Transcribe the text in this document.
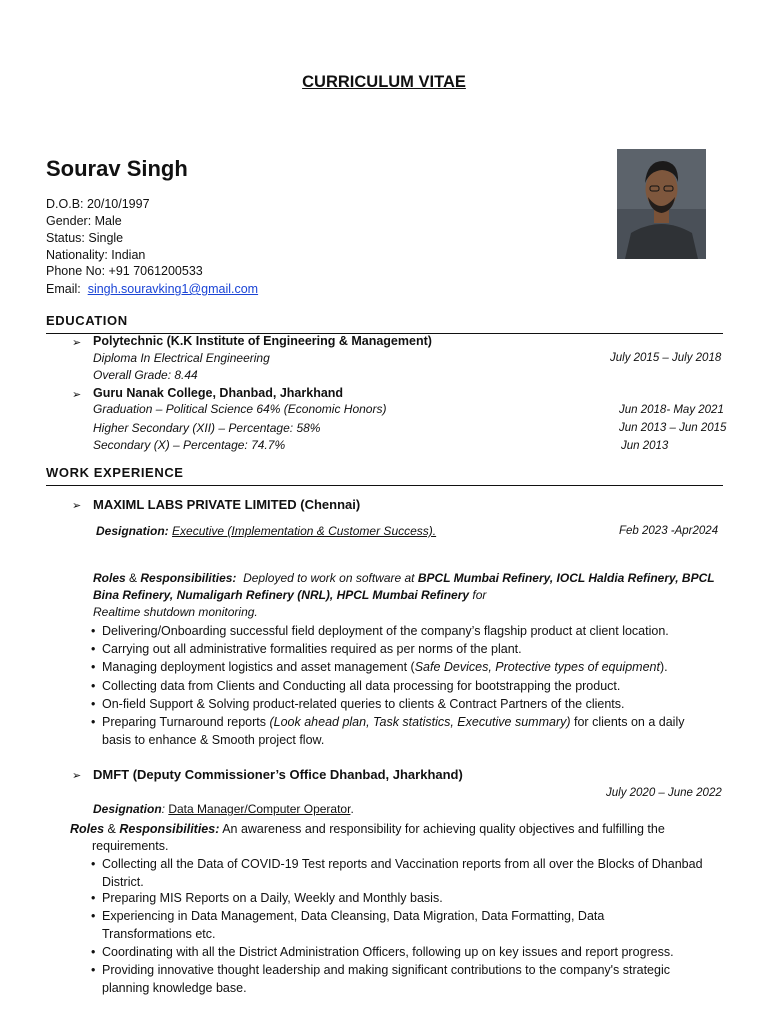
CURRICULUM VITAE
Sourav Singh
D.O.B: 20/10/1997
Gender: Male
Status: Single
Nationality: Indian
Phone No: +91 7061200533
Email: singh.souravking1@gmail.com
EDUCATION
➢ Polytechnic (K.K Institute of Engineering & Management)
Diploma In Electrical Engineering	July 2015 – July 2018
Overall Grade: 8.44
➢ Guru Nanak College, Dhanbad, Jharkhand
Graduation – Political Science 64% (Economic Honors)	Jun 2018- May 2021
Higher Secondary (XII) – Percentage: 58%	Jun 2013 – Jun 2015
Secondary (X) – Percentage: 74.7%	Jun 2013
WORK EXPERIENCE
➢ MAXIML LABS PRIVATE LIMITED (Chennai)
Designation: Executive (Implementation & Customer Success).	Feb 2023 -Apr2024
Roles & Responsibilities: Deployed to work on software at BPCL Mumbai Refinery, IOCL Haldia Refinery, BPCL Bina Refinery, Numaligarh Refinery (NRL), HPCL Mumbai Refinery for
Realtime shutdown monitoring.
• Delivering/Onboarding successful field deployment of the company’s flagship product at client location.
• Carrying out all administrative formalities required as per norms of the plant.
• Managing deployment logistics and asset management (Safe Devices, Protective types of equipment).
• Collecting data from Clients and Conducting all data processing for bootstrapping the product.
• On-field Support & Solving product-related queries to clients & Contract Partners of the clients.
• Preparing Turnaround reports (Look ahead plan, Task statistics, Executive summary) for clients on a daily
basis to enhance & Smooth project flow.
➢ DMFT (Deputy Commissioner’s Office Dhanbad, Jharkhand)
July 2020 – June 2022
Designation: Data Manager/Computer Operator.
Roles & Responsibilities: An awareness and responsibility for achieving quality objectives and fulfilling the
requirements.
• Collecting all the Data of COVID-19 Test reports and Vaccination reports from all over the Blocks of Dhanbad District.
• Preparing MIS Reports on a Daily, Weekly and Monthly basis.
• Experiencing in Data Management, Data Cleansing, Data Migration, Data Formatting, Data Transformations etc.
• Coordinating with all the District Administration Officers, following up on key issues and report progress.
• Providing innovative thought leadership and making significant contributions to the company's strategic planning knowledge base.
